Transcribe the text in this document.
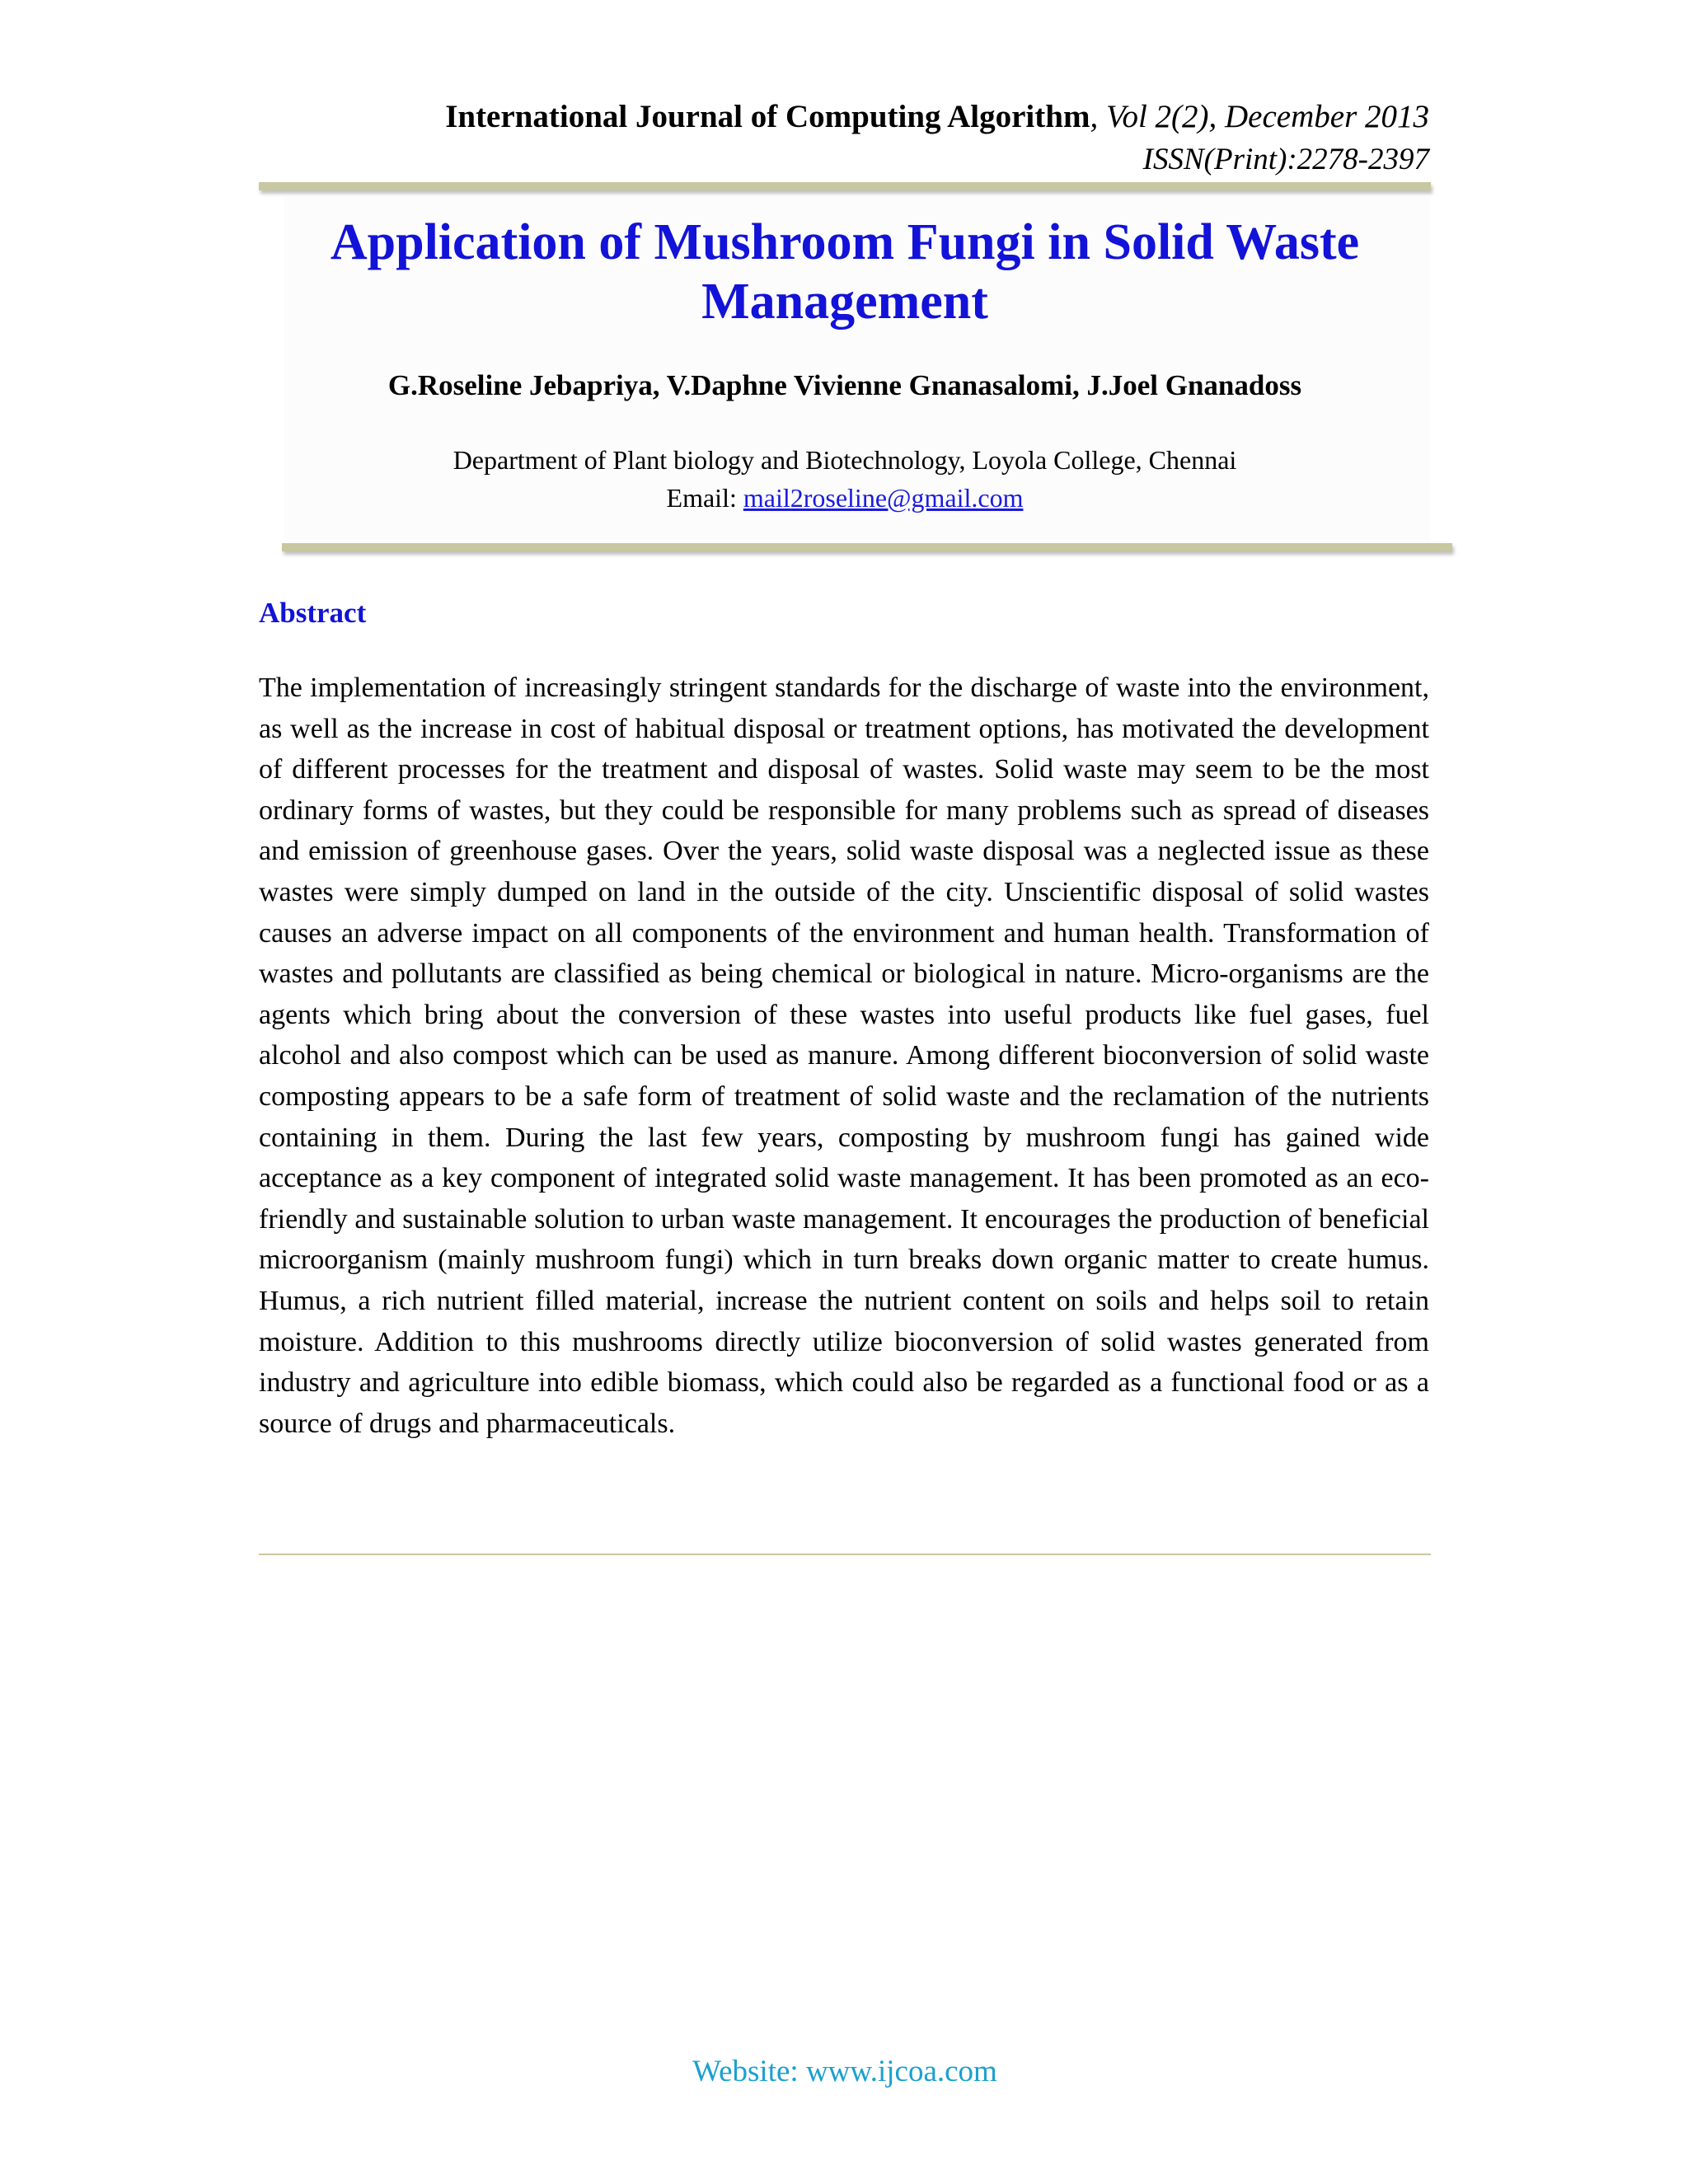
International Journal of Computing Algorithm, Vol 2(2), December 2013
ISSN(Print):2278-2397
Application of Mushroom Fungi in Solid Waste Management
G.Roseline Jebapriya, V.Daphne Vivienne Gnanasalomi, J.Joel Gnanadoss
Department of Plant biology and Biotechnology, Loyola College, Chennai
Email: mail2roseline@gmail.com
Abstract
The implementation of increasingly stringent standards for the discharge of waste into the environment, as well as the increase in cost of habitual disposal or treatment options, has motivated the development of different processes for the treatment and disposal of wastes. Solid waste may seem to be the most ordinary forms of wastes, but they could be responsible for many problems such as spread of diseases and emission of greenhouse gases. Over the years, solid waste disposal was a neglected issue as these wastes were simply dumped on land in the outside of the city. Unscientific disposal of solid wastes causes an adverse impact on all components of the environment and human health. Transformation of wastes and pollutants are classified as being chemical or biological in nature. Micro-organisms are the agents which bring about the conversion of these wastes into useful products like fuel gases, fuel alcohol and also compost which can be used as manure. Among different bioconversion of solid waste composting appears to be a safe form of treatment of solid waste and the reclamation of the nutrients containing in them. During the last few years, composting by mushroom fungi has gained wide acceptance as a key component of integrated solid waste management. It has been promoted as an eco-friendly and sustainable solution to urban waste management. It encourages the production of beneficial microorganism (mainly mushroom fungi) which in turn breaks down organic matter to create humus. Humus, a rich nutrient filled material, increase the nutrient content on soils and helps soil to retain moisture. Addition to this mushrooms directly utilize bioconversion of solid wastes generated from industry and agriculture into edible biomass, which could also be regarded as a functional food or as a source of drugs and pharmaceuticals.
Website: www.ijcoa.com
